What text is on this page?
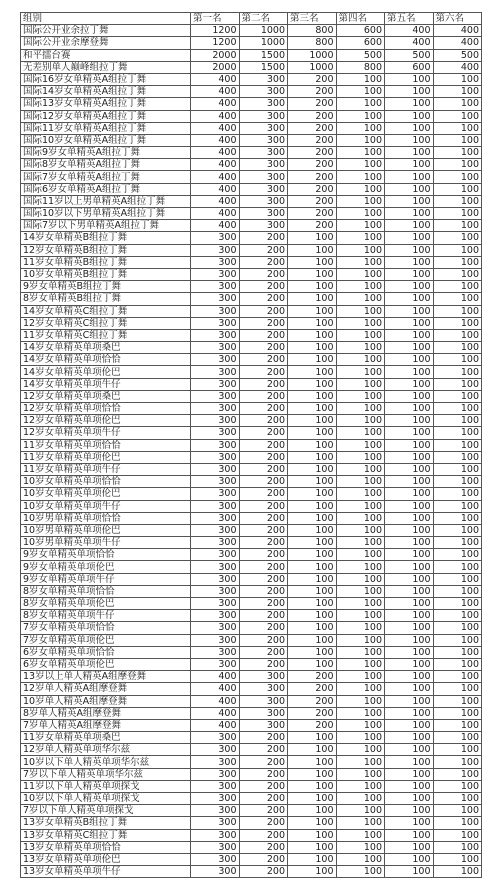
组别	第一名	第二名	第三名	第四名	第五名	第六名
国际公开业余拉丁舞	1200	1000	800	600	400	400
国际公开业余摩登舞	1200	1000	800	600	400	400
和平擂台赛	2000	1500	1000	500	500	500
无差别单人巅峰组拉丁舞	2000	1500	1000	800	600	400
国际16岁女单精英A组拉丁舞	400	300	200	100	100	100
国际14岁女单精英A组拉丁舞	400	300	200	100	100	100
国际13岁女单精英A组拉丁舞	400	300	200	100	100	100
国际12岁女单精英A组拉丁舞	400	300	200	100	100	100
国际11岁女单精英A组拉丁舞	400	300	200	100	100	100
国际10岁女单精英A组拉丁舞	400	300	200	100	100	100
国际9岁女单精英A组拉丁舞	400	300	200	100	100	100
国际8岁女单精英A组拉丁舞	400	300	200	100	100	100
国际7岁女单精英A组拉丁舞	400	300	200	100	100	100
国际6岁女单精英A组拉丁舞	400	300	200	100	100	100
国际11岁以上男单精英A组拉丁舞	400	300	200	100	100	100
国际10岁以下男单精英A组拉丁舞	400	300	200	100	100	100
国际7岁以下男单精英A组拉丁舞	400	300	200	100	100	100
14岁女单精英B组拉丁舞	300	200	100	100	100	100
12岁女单精英B组拉丁舞	300	200	100	100	100	100
11岁女单精英B组拉丁舞	300	200	100	100	100	100
10岁女单精英B组拉丁舞	300	200	100	100	100	100
9岁女单精英B组拉丁舞	300	200	100	100	100	100
8岁女单精英B组拉丁舞	300	200	100	100	100	100
14岁女单精英C组拉丁舞	300	200	100	100	100	100
12岁女单精英C组拉丁舞	300	200	100	100	100	100
11岁女单精英C组拉丁舞	300	200	100	100	100	100
14岁女单精英单项桑巴	300	200	100	100	100	100
14岁女单精英单项恰恰	300	200	100	100	100	100
14岁女单精英单项伦巴	300	200	100	100	100	100
14岁女单精英单项牛仔	300	200	100	100	100	100
12岁女单精英单项桑巴	300	200	100	100	100	100
12岁女单精英单项恰恰	300	200	100	100	100	100
12岁女单精英单项伦巴	300	200	100	100	100	100
12岁女单精英单项牛仔	300	200	100	100	100	100
11岁女单精英单项恰恰	300	200	100	100	100	100
11岁女单精英单项伦巴	300	200	100	100	100	100
11岁女单精英单项牛仔	300	200	100	100	100	100
10岁女单精英单项恰恰	300	200	100	100	100	100
10岁女单精英单项伦巴	300	200	100	100	100	100
10岁女单精英单项牛仔	300	200	100	100	100	100
10岁男单精英单项恰恰	300	200	100	100	100	100
10岁男单精英单项伦巴	300	200	100	100	100	100
10岁男单精英单项牛仔	300	200	100	100	100	100
9岁女单精英单项恰恰	300	200	100	100	100	100
9岁女单精英单项伦巴	300	200	100	100	100	100
9岁女单精英单项牛仔	300	200	100	100	100	100
8岁女单精英单项恰恰	300	200	100	100	100	100
8岁女单精英单项伦巴	300	200	100	100	100	100
8岁女单精英单项牛仔	300	200	100	100	100	100
7岁女单精英单项恰恰	300	200	100	100	100	100
7岁女单精英单项伦巴	300	200	100	100	100	100
6岁女单精英单项恰恰	300	200	100	100	100	100
6岁女单精英单项伦巴	300	200	100	100	100	100
13岁以上单人精英A组摩登舞	400	300	200	100	100	100
12岁单人精英A组摩登舞	400	300	200	100	100	100
10岁单人精英A组摩登舞	400	300	200	100	100	100
8岁单人精英A组摩登舞	400	300	200	100	100	100
7岁单人精英A组摩登舞	400	300	200	100	100	100
11岁女单精英单项桑巴	300	200	100	100	100	100
12岁单人精英单项华尔兹	300	200	100	100	100	100
10岁以下单人精英单项华尔兹	300	200	100	100	100	100
7岁以下单人精英单项华尔兹	300	200	100	100	100	100
11岁以下单人精英单项探戈	300	200	100	100	100	100
10岁以下单人精英单项探戈	300	200	100	100	100	100
7岁以下单人精英单项探戈	300	200	100	100	100	100
13岁女单精英B组拉丁舞	300	200	100	100	100	100
13岁女单精英C组拉丁舞	300	200	100	100	100	100
13岁女单精英单项恰恰	300	200	100	100	100	100
13岁女单精英单项伦巴	300	200	100	100	100	100
13岁女单精英单项牛仔	300	200	100	100	100	100
